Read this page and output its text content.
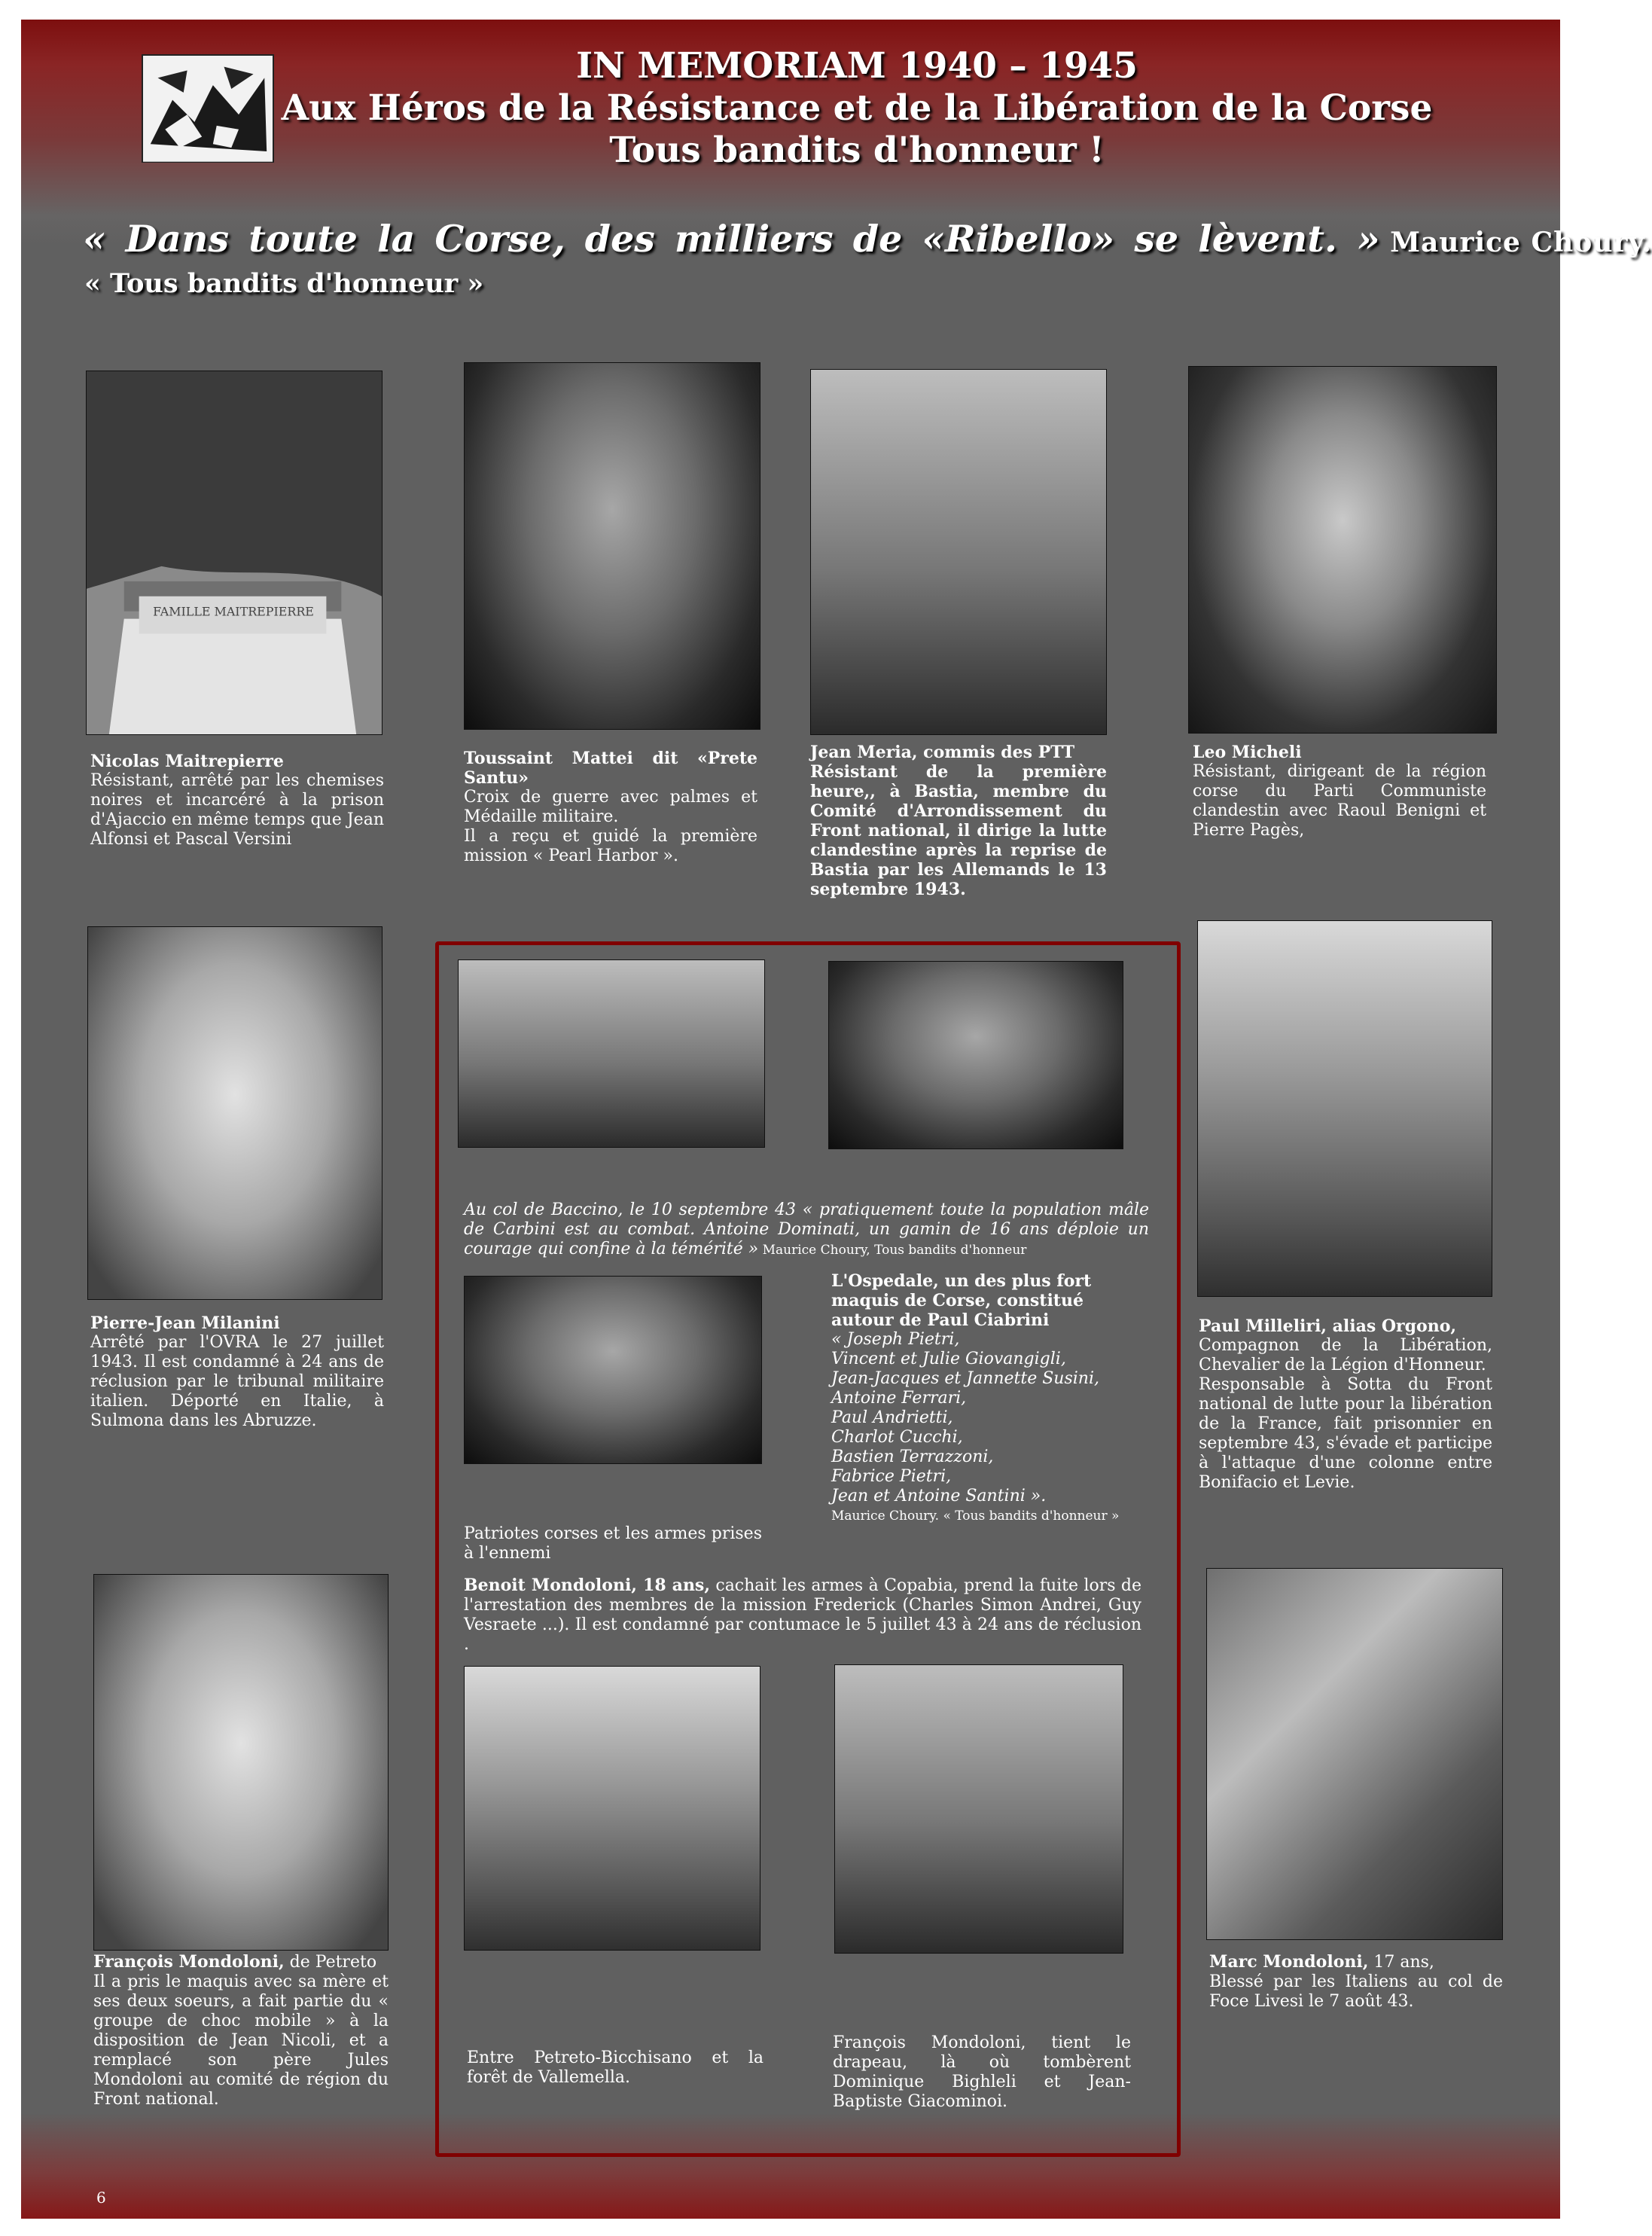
IN MEMORIAM 1940 – 1945
Aux Héros de la Résistance et de la Libération de la Corse
Tous bandits d'honneur !
« Dans toute la Corse, des milliers de «Ribello» se lèvent. » Maurice Choury.
« Tous bandits d'honneur »
FAMILLE MAITREPIERRE
Nicolas Maitrepierre

Résistant, arrêté par les chemises noires et incarcéré à la prison d'Ajaccio en même temps que Jean Alfonsi et Pascal Versini

Toussaint Mattei dit «Prete Santu»

Croix de guerre avec palmes et Médaille militaire.

Il a reçu et guidé la première mission « Pearl Harbor ».

Jean Meria, commis des PTT

Résistant de la première heure,, à Bastia, membre du Comité d'Arrondissement du Front national, il dirige la lutte clandestine après la reprise de Bastia par les Allemands le 13 septembre 1943.

Leo Micheli

Résistant, dirigeant de la région corse du Parti Communiste clandestin avec Raoul Benigni et Pierre Pagès,

Pierre-Jean Milanini

Arrêté par l'OVRA le 27 juillet 1943. Il est condamné à 24 ans de réclusion par le tribunal militaire italien. Déporté en Italie, à Sulmona dans les Abruzze.

Paul Milleliri, alias Orgono,

Compagnon de la Libération, Chevalier de la Légion d'Honneur.

Responsable à Sotta du Front national de lutte pour la libération de la France, fait prisonnier en septembre 43, s'évade et participe à l'attaque d'une colonne entre Bonifacio et Levie.

François Mondoloni, de Petreto

Il a pris le maquis avec sa mère et ses deux soeurs, a fait partie du « groupe de choc mobile » à la disposition de Jean Nicoli, et a remplacé son père Jules Mondoloni au comité de région du Front national.

Marc Mondoloni, 17 ans,

Blessé par les Italiens au col de Foce Livesi le 7 août 43.

Au col de Baccino, le 10 septembre 43 « pratiquement toute la population mâle de Carbini est au combat. Antoine Dominati, un gamin de 16 ans déploie un courage qui confine à la témérité » Maurice Choury, Tous bandits d'honneur

L'Ospedale, un des plus fort maquis de Corse, constitué autour de Paul Ciabrini

« Joseph Pietri,
Vincent et Julie Giovangigli,
Jean-Jacques et Jannette Susini,
Antoine Ferrari,
Paul Andrietti,
Charlot Cucchi,
Bastien Terrazzoni,
Fabrice Pietri,
Jean et Antoine Santini ».
Maurice Choury. « Tous bandits d'honneur »

Patriotes corses et les armes prises à l'ennemi

Benoit Mondoloni, 18 ans, cachait les armes à Copabia, prend la fuite lors de l'arrestation des membres de la mission Frederick (Charles Simon Andrei, Guy Vesraete ...). Il est condamné par contumace le 5 juillet 43 à 24 ans de réclusion .

Entre Petreto-Bicchisano et la forêt de Vallemella.

François Mondoloni, tient le drapeau, là où tombèrent Dominique Bighleli et Jean-Baptiste Giacominoi.

6
